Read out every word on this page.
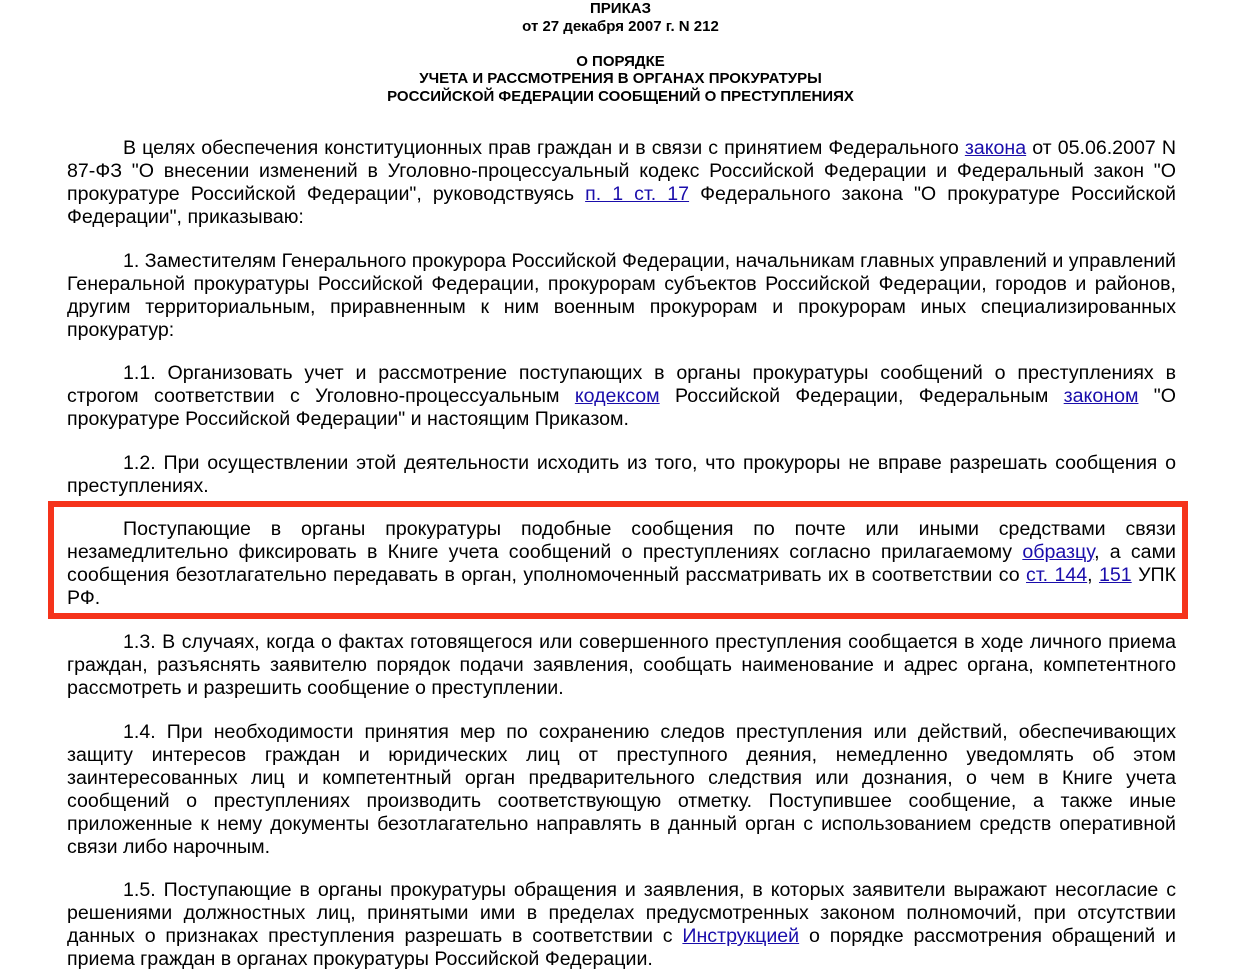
ПРИКАЗ
от 27 декабря 2007 г. N 212
О ПОРЯДКЕ
УЧЕТА И РАССМОТРЕНИЯ В ОРГАНАХ ПРОКУРАТУРЫ
РОССИЙСКОЙ ФЕДЕРАЦИИ СООБЩЕНИЙ О ПРЕСТУПЛЕНИЯХ

В целях обеспечения конституционных прав граждан и в связи с принятием Федерального закона от 05.06.2007 N 87-ФЗ "О внесении изменений в Уголовно-процессуальный кодекс Российской Федерации и Федеральный закон "О прокуратуре Российской Федерации", руководствуясь п. 1 ст. 17 Федерального закона "О прокуратуре Российской Федерации", приказываю:

1. Заместителям Генерального прокурора Российской Федерации, начальникам главных управлений и управлений Генеральной прокуратуры Российской Федерации, прокурорам субъектов Российской Федерации, городов и районов, другим территориальным, приравненным к ним военным прокурорам и прокурорам иных специализированных прокуратур:

1.1. Организовать учет и рассмотрение поступающих в органы прокуратуры сообщений о преступлениях в строгом соответствии с Уголовно-процессуальным кодексом Российской Федерации, Федеральным законом "О прокуратуре Российской Федерации" и настоящим Приказом.

1.2. При осуществлении этой деятельности исходить из того, что прокуроры не вправе разрешать сообщения о преступлениях.

Поступающие в органы прокуратуры подобные сообщения по почте или иными средствами связи незамедлительно фиксировать в Книге учета сообщений о преступлениях согласно прилагаемому образцу, а сами сообщения безотлагательно передавать в орган, уполномоченный рассматривать их в соответствии со ст. 144, 151 УПК РФ.

1.3. В случаях, когда о фактах готовящегося или совершенного преступления сообщается в ходе личного приема граждан, разъяснять заявителю порядок подачи заявления, сообщать наименование и адрес органа, компетентного рассмотреть и разрешить сообщение о преступлении.

1.4. При необходимости принятия мер по сохранению следов преступления или действий, обеспечивающих защиту интересов граждан и юридических лиц от преступного деяния, немедленно уведомлять об этом заинтересованных лиц и компетентный орган предварительного следствия или дознания, о чем в Книге учета сообщений о преступлениях производить соответствующую отметку. Поступившее сообщение, а также иные приложенные к нему документы безотлагательно направлять в данный орган с использованием средств оперативной связи либо нарочным.

1.5. Поступающие в органы прокуратуры обращения и заявления, в которых заявители выражают несогласие с решениями должностных лиц, принятыми ими в пределах предусмотренных законом полномочий, при отсутствии данных о признаках преступления разрешать в соответствии с Инструкцией о порядке рассмотрения обращений и приема граждан в органах прокуратуры Российской Федерации.
